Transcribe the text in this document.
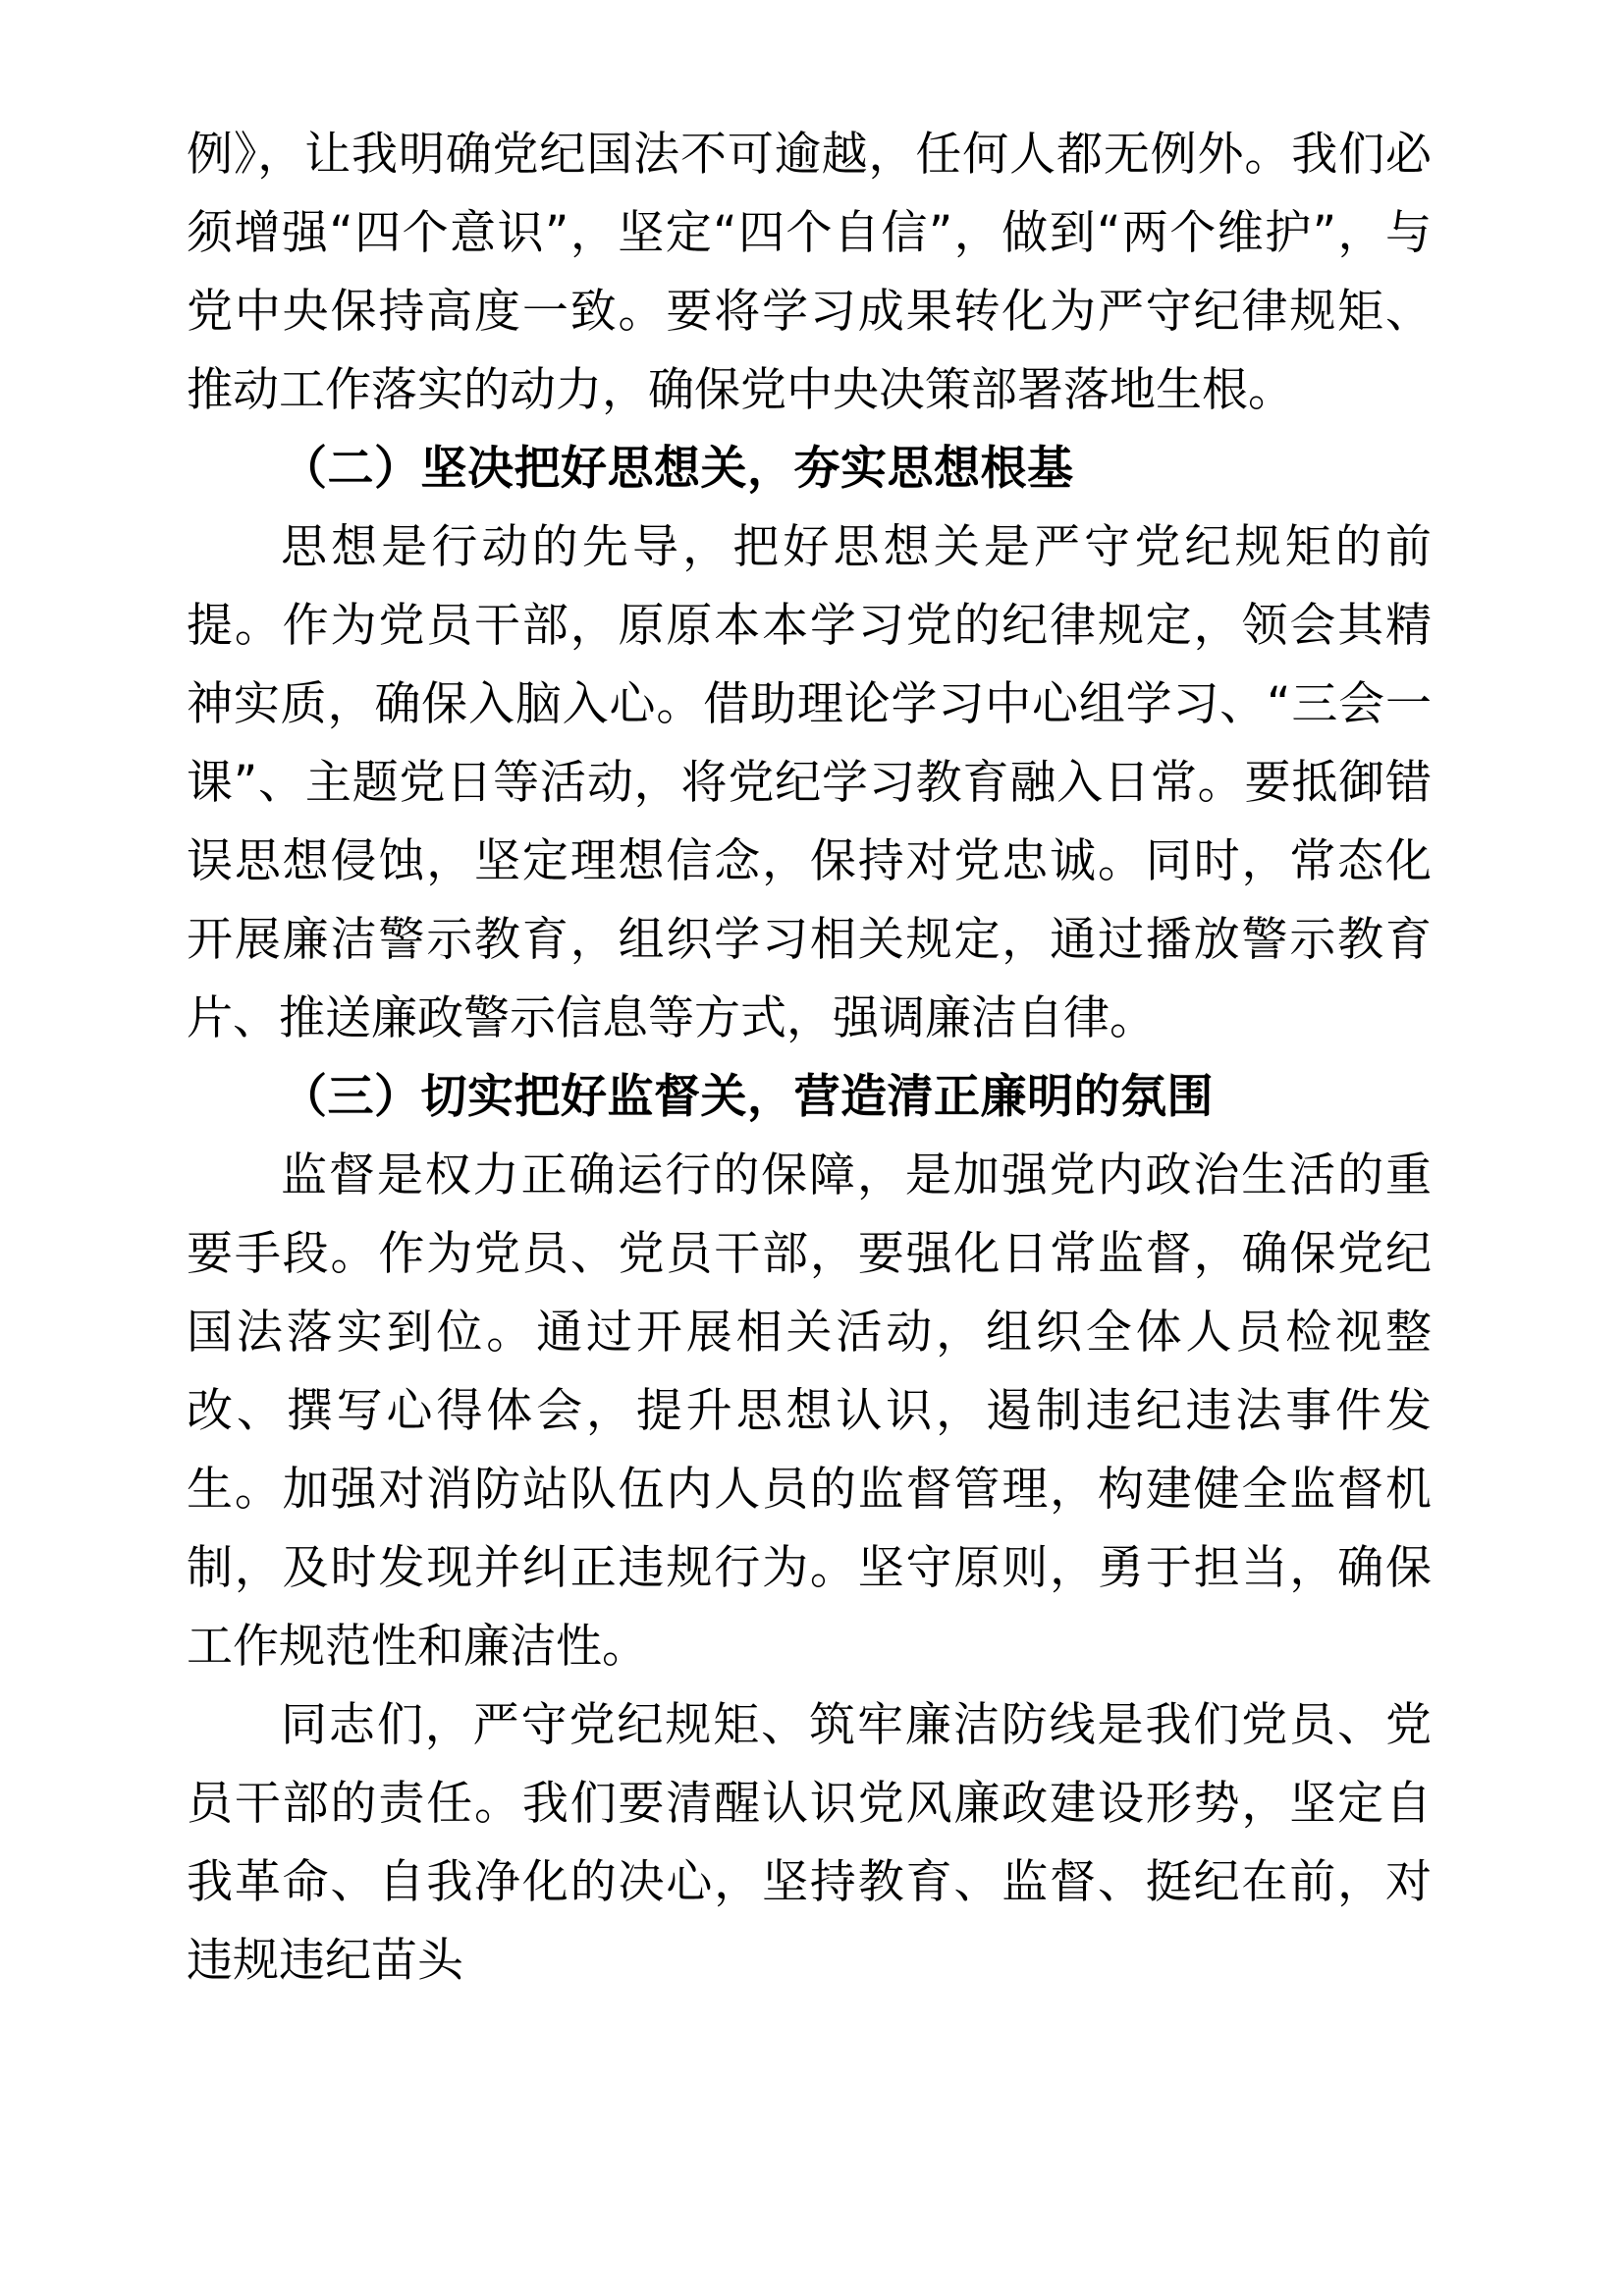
例》，让我明确党纪国法不可逾越，任何人都无例外。我们必须增强“四个意识”，坚定“四个自信”，做到“两个维护”，与党中央保持高度一致。要将学习成果转化为严守纪律规矩、推动工作落实的动力，确保党中央决策部署落地生根。

（二）坚决把好思想关，夯实思想根基

思想是行动的先导，把好思想关是严守党纪规矩的前提。作为党员干部，原原本本学习党的纪律规定，领会其精神实质，确保入脑入心。借助理论学习中心组学习、“三会一课”、主题党日等活动，将党纪学习教育融入日常。要抵御错误思想侵蚀，坚定理想信念，保持对党忠诚。同时，常态化开展廉洁警示教育，组织学习相关规定，通过播放警示教育片、推送廉政警示信息等方式，强调廉洁自律。

（三）切实把好监督关，营造清正廉明的氛围

监督是权力正确运行的保障，是加强党内政治生活的重要手段。作为党员、党员干部，要强化日常监督，确保党纪国法落实到位。通过开展相关活动，组织全体人员检视整改、撰写心得体会，提升思想认识，遏制违纪违法事件发生。加强对消防站队伍内人员的监督管理，构建健全监督机制，及时发现并纠正违规行为。坚守原则，勇于担当，确保工作规范性和廉洁性。

同志们，严守党纪规矩、筑牢廉洁防线是我们党员、党员干部的责任。我们要清醒认识党风廉政建设形势，坚定自我革命、自我净化的决心，坚持教育、监督、挺纪在前，对违规违纪苗头
